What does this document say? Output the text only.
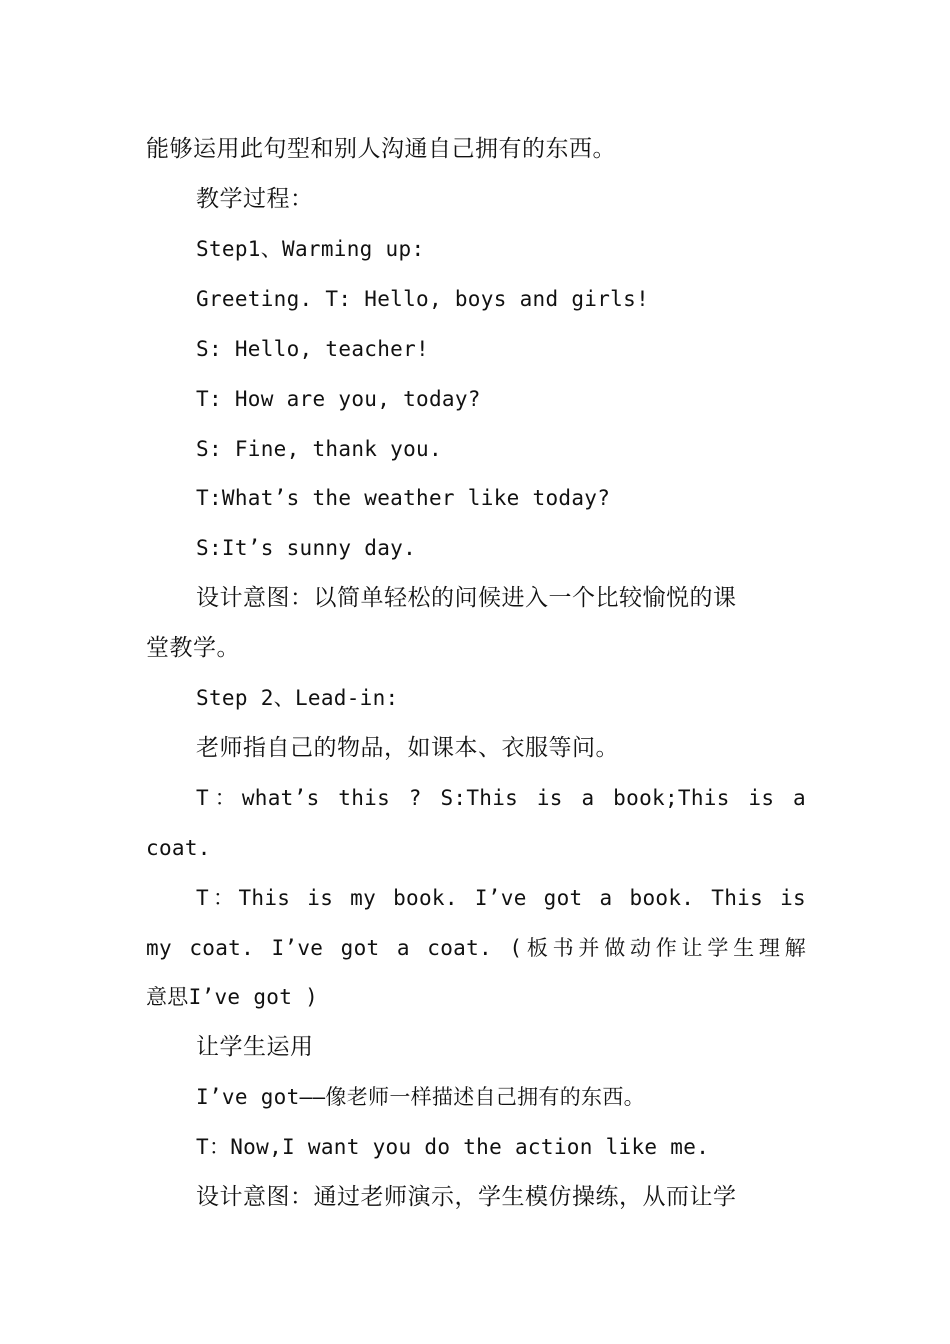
能够运用此句型和别人沟通自己拥有的东西。
教学过程：
Step1、Warming up:
Greeting. T: Hello, boys and girls!
S: Hello, teacher!
T: How are you, today?
S: Fine, thank you.
T:What’s the weather like today?
S:It’s sunny day.
设计意图：以简单轻松的问候进入一个比较愉悦的课
堂教学。
Step 2、Lead-in:
老师指自己的物品，如课本、衣服等问。
T：what’s this ? S:This is a book;This is a
coat.
T：This is my book. I’ve got a book. This is
my coat. I’ve got a coat. (板书并做动作让学生理解
意思I’ve got )
让学生运用
I’ve got——像老师一样描述自己拥有的东西。
T：Now,I want you do the action like me.
设计意图：通过老师演示，学生模仿操练，从而让学
